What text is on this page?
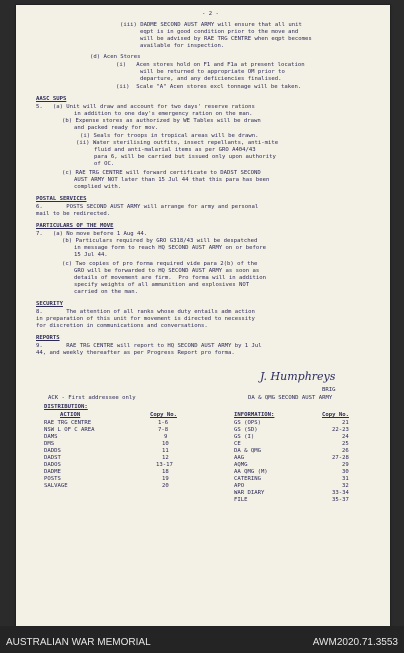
- 2 -
(iii) DADME SECOND AUST ARMY will ensure that all unit
eqpt is in good condition prior to the move and
will be advised by RAE TRG CENTRE when eqpt becomes
available for inspection.
(d) Acen Stores
(i)   Acen stores hold on F1 and F1a at present location
will be returned to appropriate OM prior to
departure, and any deficiencies finalised.
(ii)  Scale "A" Acen stores excl tonnage will be taken.
AASC SUPS
5.   (a) Unit will draw and account for two days' reserve rations
in addition to one day's emergency ration on the man.
(b) Expense stores as authorized by WE Tables will be drawn
and packed ready for mov.
(i) Seals for troops in tropical areas will be drawn.
(ii) Water sterilising outfits, insect repellants, anti-mite
fluid and anti-malarial items as per GRO A404/43
para 6, will be carried but issued only upon authority
of OC.
(c) RAE TRG CENTRE will forward certificate to DADST SECOND
AUST ARMY NOT later than 15 Jul 44 that this para has been
complied with.
POSTAL SERVICES
6.       POSTS SECOND AUST ARMY will arrange for army and personal
mail to be redirected.
PARTICULARS OF THE MOVE
7.   (a) No move before 1 Aug 44.
(b) Particulars required by GRO G318/43 will be despatched
in message form to reach HQ SECOND AUST ARMY on or before
15 Jul 44.
(c) Two copies of pro forma required vide para 2(b) of the
GRO will be forwarded to HQ SECOND AUST ARMY as soon as
details of movement are firm.  Pro forma will in addition
specify weights of all ammunition and explosives NOT
carried on the man.
SECURITY
8.       The attention of all ranks whose duty entails adm action
in preparation of this unit for movement is directed to necessity
for discretion in communications and conversations.
REPORTS
9.       RAE TRG CENTRE will report to HQ SECOND AUST ARMY by 1 Jul
44, and weekly thereafter as per Progress Report pro forma.
J. Humphreys
BRIG
DA & QMG SECOND AUST ARMY
ACK - First addressee only
DISTRIBUTION:
ACTION	Copy No.	INFORMATION:	Copy No.
RAE TRG CENTRE	1-6
NSW L OF C AREA	7-8
DAMS	9
DMS	10
DADDS	11
DADST	12
DADOS	13-17
DADME	18
POSTS	19
SALVAGE	20
GS (OPS)	21
GS (SD)	22-23
GS (I)	24
CE	25
DA & QMG	26
AAG	27-28
AQMG	29
AA QMG (M)	30
CATERING	31
APO	32
WAR DIARY	33-34
FILE	35-37
AUSTRALIAN WAR MEMORIAL	AWM2020.71.3553
